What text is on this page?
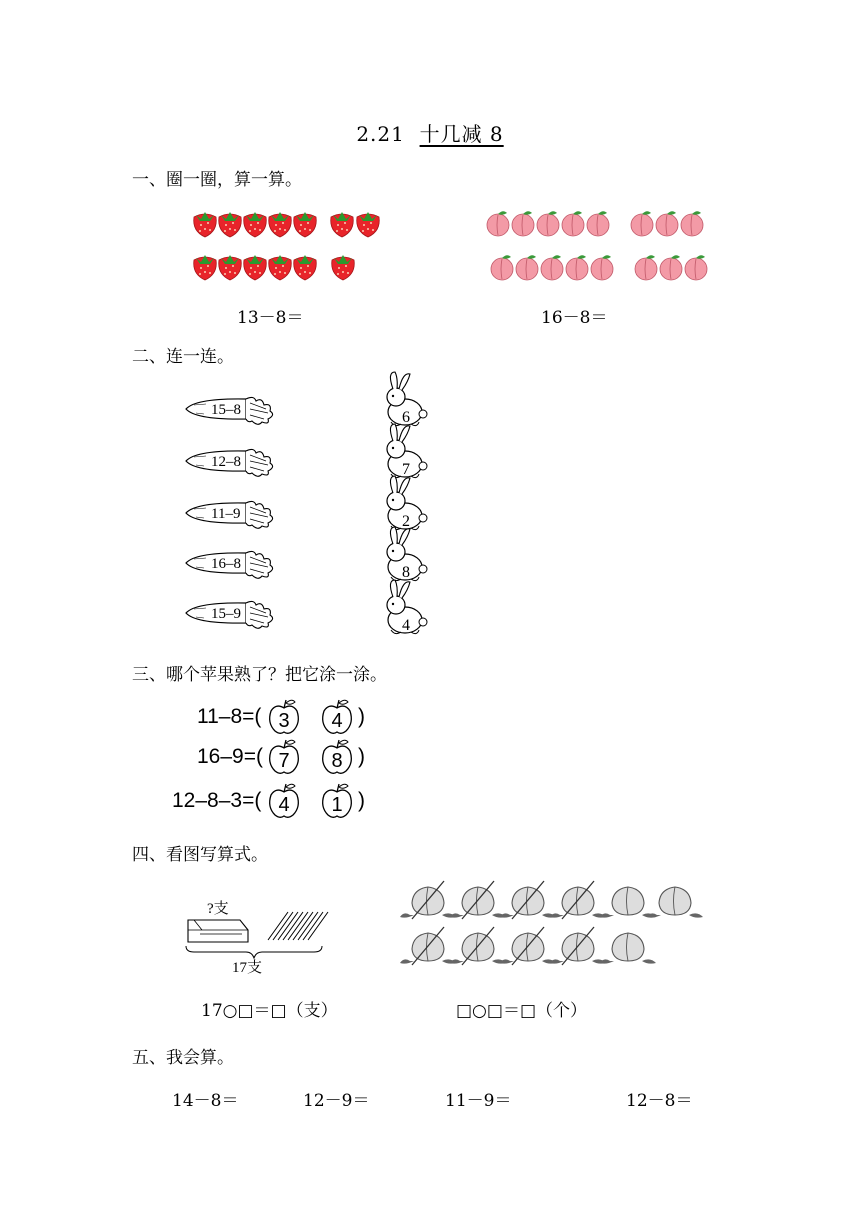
2.21 十几减 8
一、圈一圈，算一算。
13－8＝	16－8＝
二、连一连。
15–8
12–8
11–9
16–8
15–9
6
7
2
8
4
三、哪个苹果熟了？把它涂一涂。
3 4
7 8
4 1
11–8=(	)
16–9=(	)
12–8–3=(	)
四、看图写算式。
?支
17支
17○□＝□（支）	□○□＝□（个）
五、我会算。
14－8＝	12－9＝	11－9＝	12－8＝
